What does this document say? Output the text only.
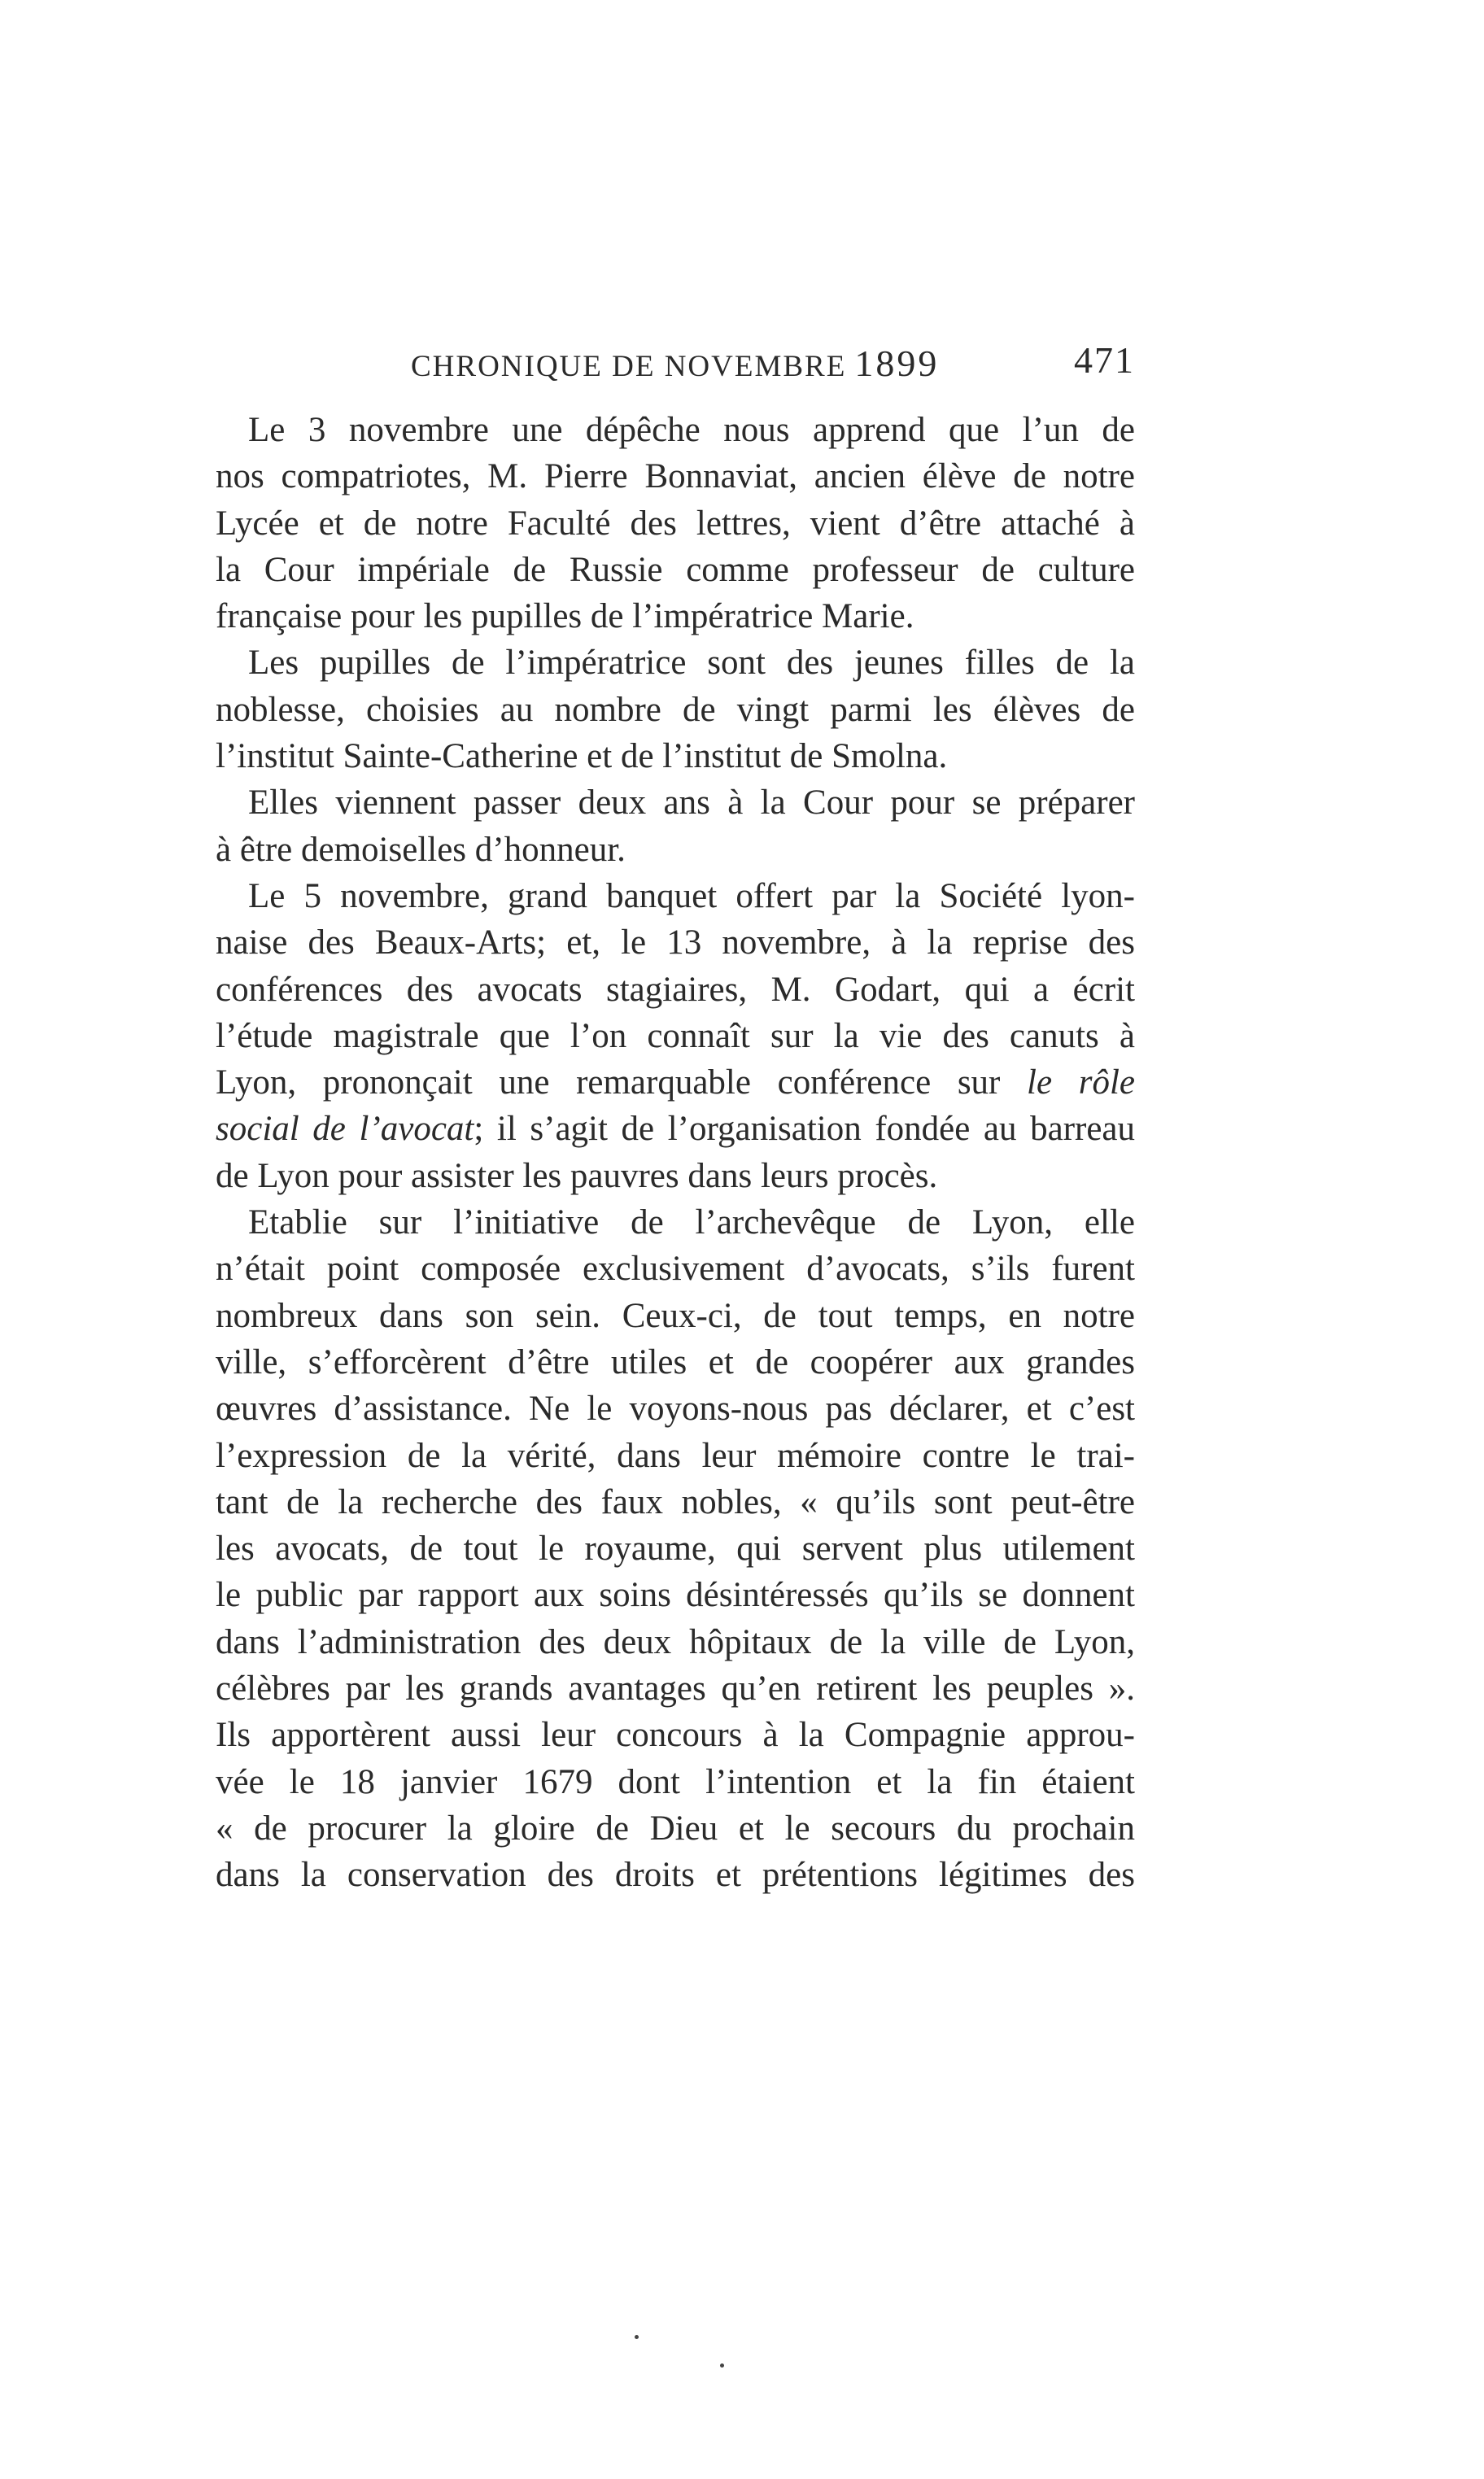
CHRONIQUE DE NOVEMBRE 1899	471
Le 3 novembre une dépêche nous apprend que l’un de
nos compatriotes, M. Pierre Bonnaviat, ancien élève de notre
Lycée et de notre Faculté des lettres, vient d’être attaché à
la Cour impériale de Russie comme professeur de culture
française pour les pupilles de l’impératrice Marie.
Les pupilles de l’impératrice sont des jeunes filles de la
noblesse, choisies au nombre de vingt parmi les élèves de
l’institut Sainte-Catherine et de l’institut de Smolna.
Elles viennent passer deux ans à la Cour pour se préparer
à être demoiselles d’honneur.
Le 5 novembre, grand banquet offert par la Société lyon-
naise des Beaux-Arts; et, le 13 novembre, à la reprise des
conférences des avocats stagiaires, M. Godart, qui a écrit
l’étude magistrale que l’on connaît sur la vie des canuts à
Lyon, prononçait une remarquable conférence sur le rôle
social de l’avocat; il s’agit de l’organisation fondée au barreau
de Lyon pour assister les pauvres dans leurs procès.
Etablie sur l’initiative de l’archevêque de Lyon, elle
n’était point composée exclusivement d’avocats, s’ils furent
nombreux dans son sein. Ceux-ci, de tout temps, en notre
ville, s’efforcèrent d’être utiles et de coopérer aux grandes
œuvres d’assistance. Ne le voyons-nous pas déclarer, et c’est
l’expression de la vérité, dans leur mémoire contre le trai-
tant de la recherche des faux nobles, « qu’ils sont peut-être
les avocats, de tout le royaume, qui servent plus utilement
le public par rapport aux soins désintéressés qu’ils se donnent
dans l’administration des deux hôpitaux de la ville de Lyon,
célèbres par les grands avantages qu’en retirent les peuples ».
Ils apportèrent aussi leur concours à la Compagnie approu-
vée le 18 janvier 1679 dont l’intention et la fin étaient
« de procurer la gloire de Dieu et le secours du prochain
dans la conservation des droits et prétentions légitimes des
